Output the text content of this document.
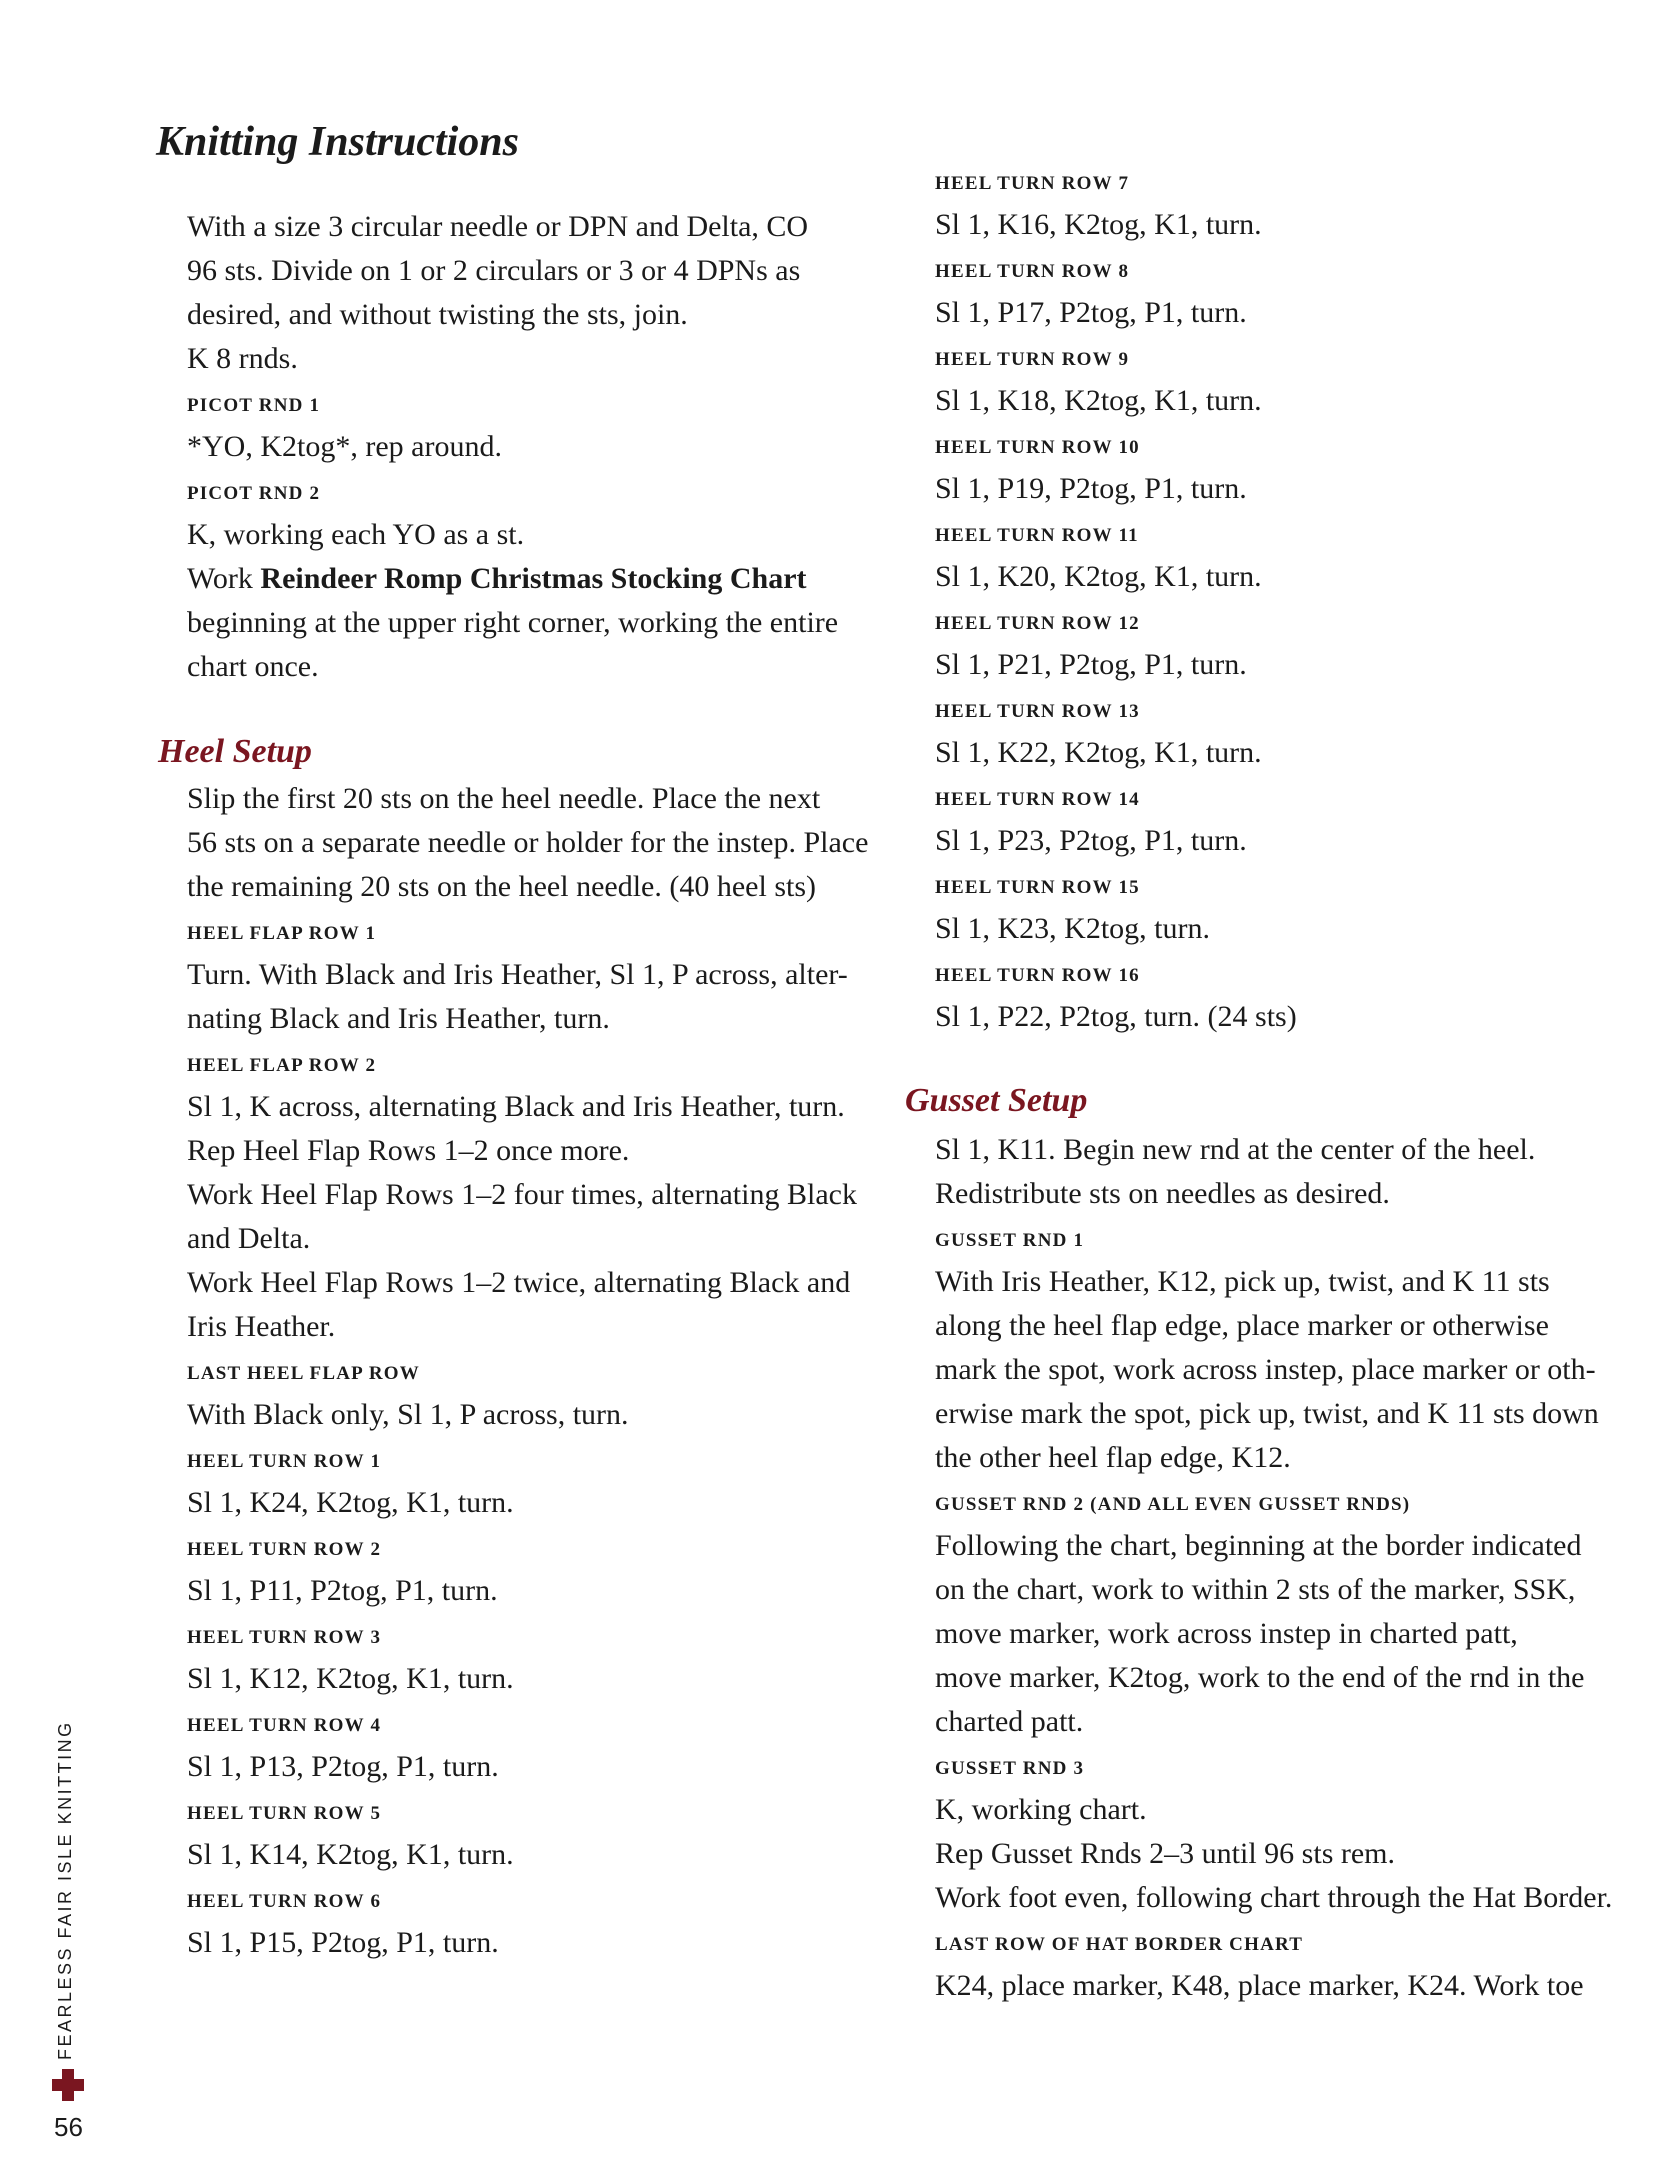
Knitting Instructions
With a size 3 circular needle or DPN and Delta, CO
96 sts. Divide on 1 or 2 circulars or 3 or 4 DPNs as
desired, and without twisting the sts, join.
K 8 rnds.
PICOT RND 1
*YO, K2tog*, rep around.
PICOT RND 2
K, working each YO as a st.
Work Reindeer Romp Christmas Stocking Chart
beginning at the upper right corner, working the entire
chart once.
Heel Setup
Slip the first 20 sts on the heel needle. Place the next
56 sts on a separate needle or holder for the instep. Place
the remaining 20 sts on the heel needle. (40 heel sts)
HEEL FLAP ROW 1
Turn. With Black and Iris Heather, Sl 1, P across, alter-
nating Black and Iris Heather, turn.
HEEL FLAP ROW 2
Sl 1, K across, alternating Black and Iris Heather, turn.
Rep Heel Flap Rows 1–2 once more.
Work Heel Flap Rows 1–2 four times, alternating Black
and Delta.
Work Heel Flap Rows 1–2 twice, alternating Black and
Iris Heather.
LAST HEEL FLAP ROW
With Black only, Sl 1, P across, turn.
HEEL TURN ROW 1
Sl 1, K24, K2tog, K1, turn.
HEEL TURN ROW 2
Sl 1, P11, P2tog, P1, turn.
HEEL TURN ROW 3
Sl 1, K12, K2tog, K1, turn.
HEEL TURN ROW 4
Sl 1, P13, P2tog, P1, turn.
HEEL TURN ROW 5
Sl 1, K14, K2tog, K1, turn.
HEEL TURN ROW 6
Sl 1, P15, P2tog, P1, turn.
HEEL TURN ROW 7
Sl 1, K16, K2tog, K1, turn.
HEEL TURN ROW 8
Sl 1, P17, P2tog, P1, turn.
HEEL TURN ROW 9
Sl 1, K18, K2tog, K1, turn.
HEEL TURN ROW 10
Sl 1, P19, P2tog, P1, turn.
HEEL TURN ROW 11
Sl 1, K20, K2tog, K1, turn.
HEEL TURN ROW 12
Sl 1, P21, P2tog, P1, turn.
HEEL TURN ROW 13
Sl 1, K22, K2tog, K1, turn.
HEEL TURN ROW 14
Sl 1, P23, P2tog, P1, turn.
HEEL TURN ROW 15
Sl 1, K23, K2tog, turn.
HEEL TURN ROW 16
Sl 1, P22, P2tog, turn. (24 sts)
Gusset Setup
Sl 1, K11. Begin new rnd at the center of the heel.
Redistribute sts on needles as desired.
GUSSET RND 1
With Iris Heather, K12, pick up, twist, and K 11 sts
along the heel flap edge, place marker or otherwise
mark the spot, work across instep, place marker or oth-
erwise mark the spot, pick up, twist, and K 11 sts down
the other heel flap edge, K12.
GUSSET RND 2 (AND ALL EVEN GUSSET RNDS)
Following the chart, beginning at the border indicated
on the chart, work to within 2 sts of the marker, SSK,
move marker, work across instep in charted patt,
move marker, K2tog, work to the end of the rnd in the
charted patt.
GUSSET RND 3
K, working chart.
Rep Gusset Rnds 2–3 until 96 sts rem.
Work foot even, following chart through the Hat Border.
LAST ROW OF HAT BORDER CHART
K24, place marker, K48, place marker, K24. Work toe
FEARLESS FAIR ISLE KNITTING
56
